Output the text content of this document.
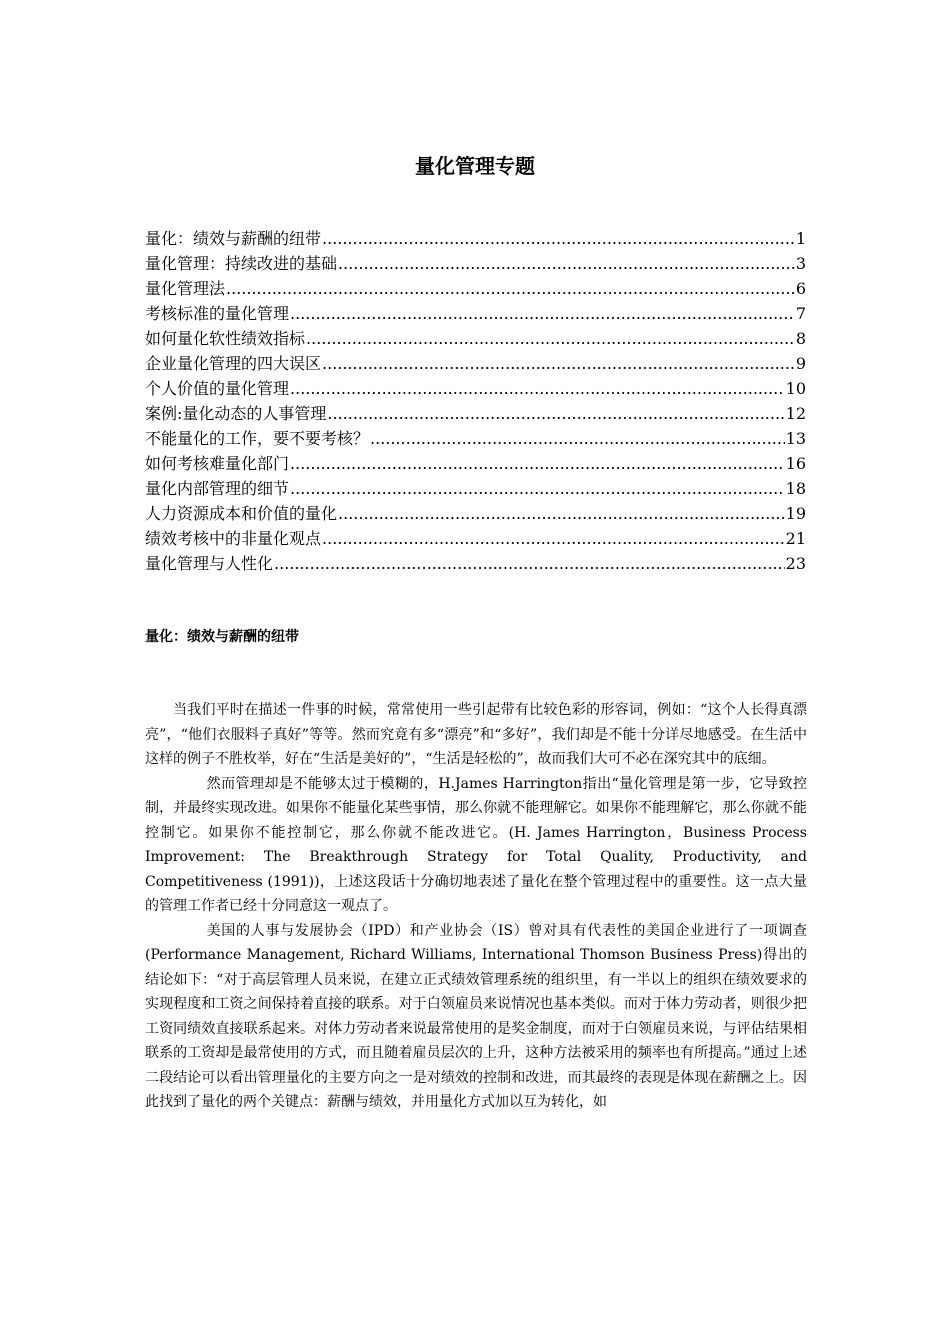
量化管理专题
量化：绩效与薪酬的纽带 .....	1
量化管理：持续改进的基础 .....	3
量化管理法 .....	6
考核标准的量化管理 .....	7
如何量化软性绩效指标 .....	8
企业量化管理的四大误区 .....	9
个人价值的量化管理 .....	10
案例:量化动态的人事管理 .....	12
不能量化的工作，要不要考核？ .....	13
如何考核难量化部门 .....	16
量化内部管理的细节 .....	18
人力资源成本和价值的量化 .....	19
绩效考核中的非量化观点 .....	21
量化管理与人性化 .....	23
量化：绩效与薪酬的纽带

当我们平时在描述一件事的时候，常常使用一些引起带有比较色彩的形容词，例如：“这个人长得真漂亮”，“他们衣服料子真好”等等。然而究竟有多“漂亮”和“多好”，我们却是不能十分详尽地感受。在生活中这样的例子不胜枚举，好在“生活是美好的”，“生活是轻松的”，故而我们大可不必在深究其中的底细。

然而管理却是不能够太过于模糊的，H.James Harrington指出“量化管理是第一步，它导致控制，并最终实现改进。如果你不能量化某些事情，那么你就不能理解它。如果你不能理解它，那么你就不能控制它。如果你不能控制它，那么你就不能改进它。(H. James Harrington，Business Process Improvement: The Breakthrough Strategy for Total Quality, Productivity, and Competitiveness (1991))，上述这段话十分确切地表述了量化在整个管理过程中的重要性。这一点大量的管理工作者已经十分同意这一观点了。

美国的人事与发展协会（IPD）和产业协会（IS）曾对具有代表性的美国企业进行了一项调查(Performance Management, Richard Williams, International Thomson Business Press)得出的结论如下：“对于高层管理人员来说，在建立正式绩效管理系统的组织里，有一半以上的组织在绩效要求的实现程度和工资之间保持着直接的联系。对于白领雇员来说情况也基本类似。而对于体力劳动者，则很少把工资同绩效直接联系起来。对体力劳动者来说最常使用的是奖金制度，而对于白领雇员来说，与评估结果相联系的工资却是最常使用的方式，而且随着雇员层次的上升，这种方法被采用的频率也有所提高。”通过上述二段结论可以看出管理量化的主要方向之一是对绩效的控制和改进，而其最终的表现是体现在薪酬之上。因此找到了量化的两个关键点：薪酬与绩效，并用量化方式加以互为转化，如
